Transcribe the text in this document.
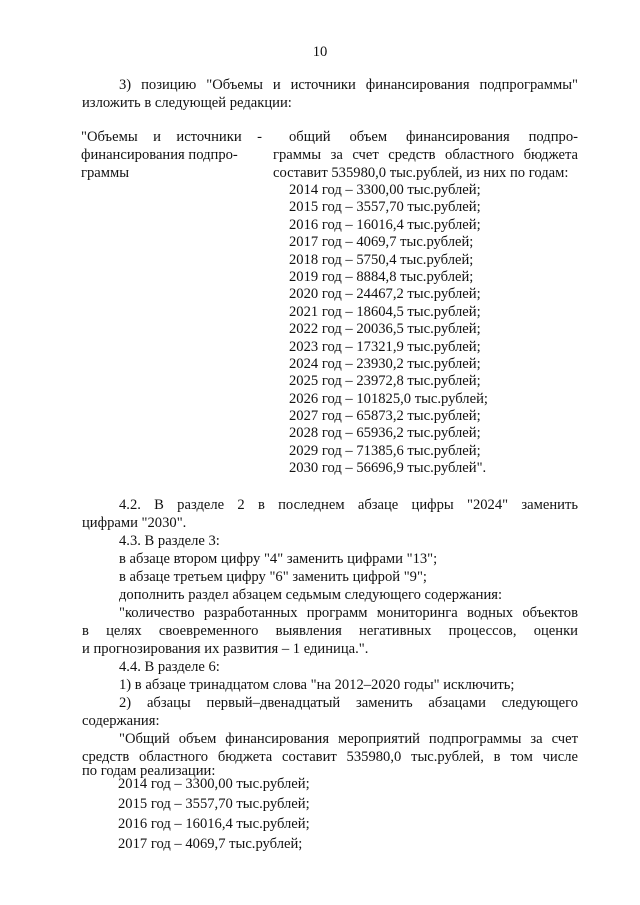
10
3) позицию "Объемы и источники финансирования подпрограммы"
изложить в следующей редакции:
"Объемы и источники -
финансирования подпро-
граммы
общий объем финансирования подпро-
граммы за счет средств областного бюджета
составит 535980,0 тыс.рублей, из них по годам:
2014 год – 3300,00 тыс.рублей;
2015 год – 3557,70 тыс.рублей;
2016 год – 16016,4 тыс.рублей;
2017 год – 4069,7 тыс.рублей;
2018 год – 5750,4 тыс.рублей;
2019 год – 8884,8 тыс.рублей;
2020 год – 24467,2 тыс.рублей;
2021 год – 18604,5 тыс.рублей;
2022 год – 20036,5 тыс.рублей;
2023 год – 17321,9 тыс.рублей;
2024 год – 23930,2 тыс.рублей;
2025 год – 23972,8 тыс.рублей;
2026 год – 101825,0 тыс.рублей;
2027 год – 65873,2 тыс.рублей;
2028 год – 65936,2 тыс.рублей;
2029 год – 71385,6 тыс.рублей;
2030 год – 56696,9 тыс.рублей".
4.2. В разделе 2 в последнем абзаце цифры "2024" заменить
цифрами "2030".
4.3. В разделе 3:
в абзаце втором цифру "4" заменить цифрами "13";
в абзаце третьем цифру "6" заменить цифрой "9";
дополнить раздел абзацем седьмым следующего содержания:
"количество разработанных программ мониторинга водных объектов
в целях своевременного выявления негативных процессов, оценки
и прогнозирования их развития – 1 единица.".
4.4. В разделе 6:
1) в абзаце тринадцатом слова "на 2012–2020 годы" исключить;
2) абзацы первый–двенадцатый заменить абзацами следующего
содержания:
"Общий объем финансирования мероприятий подпрограммы за счет
средств областного бюджета составит 535980,0 тыс.рублей, в том числе
по годам реализации:
2014 год – 3300,00 тыс.рублей;
2015 год – 3557,70 тыс.рублей;
2016 год – 16016,4 тыс.рублей;
2017 год – 4069,7 тыс.рублей;
